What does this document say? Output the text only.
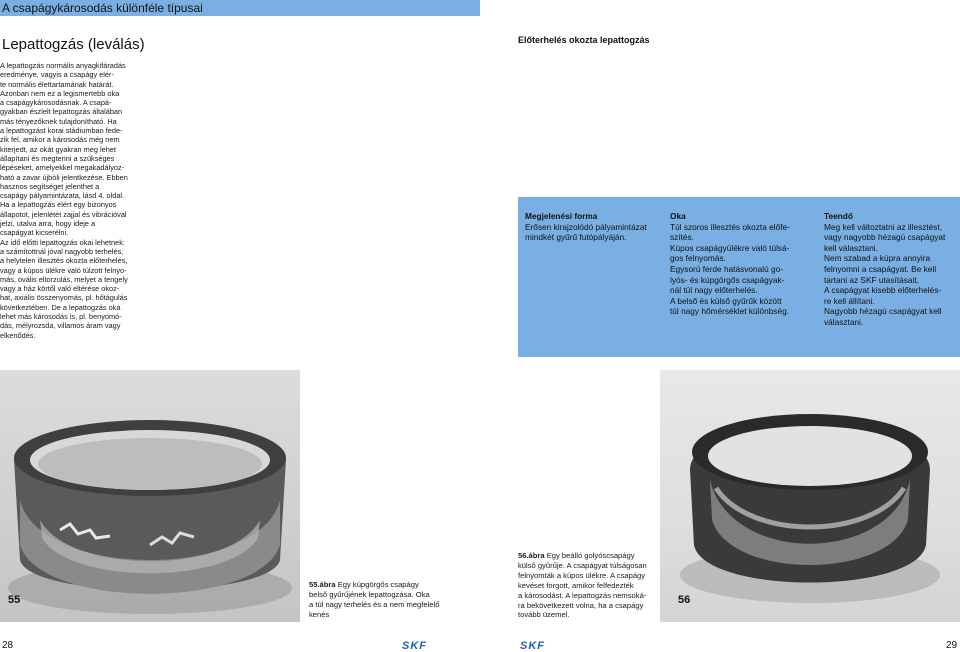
A csapágykárosodás különféle típusai
Lepattogzás (leválás)	Előterhelés okozta lepattogzás
A lepattogzás normális anyagkifáradás
eredménye, vagyis a csapágy elér-
te normális élettartamának határát.
Azonban nem ez a legismertebb oka
a csapágykárosodásnak. A csapá-
gyakban észlelt lepattogzás általában
más tényezőknek tulajdonítható. Ha
a lepattogzást korai stádiumban fede-
zik fel, amikor a károsodás még nem
kiterjedt, az okát gyakran meg lehet
állapítani és megtenni a szükséges
lépéseket, amelyekkel megakadályoz-
ható a zavar újbóli jelentkezése. Ebben
hasznos segítséget jelenthet a
csapágy pályamintázata, lásd 4. oldal.
Ha a lepattogzás elért egy bizonyos
állapotot, jelenlétét zajjal és vibrációval
jelzi, utalva arra, hogy ideje a
csapágyat kicserélni.
Az idő előtti lepattogzás okai lehetnek:
a számítottnál jóval nagyobb terhelés,
a helytelen illesztés okozta előterhelés,
vagy a kúpos ülékre való túlzott felnyo-
más, ovális eltorzulás, melyet a tengely
vagy a ház körtől való eltérése okoz-
hat, axiális összenyomás, pl. hőtágulás
következtében. De a lepattogzás oka
lehet más károsodás is, pl. benyomó-
dás, mélyrozsda, villamos áram vagy
elkenődés.
Megjelenési forma
Erősen kirajzolódó pályamintázat
mindkét gyűrű futópályáján.
Oka
Túl szoros illesztés okozta előfe-
szítés.
Kúpos csapágyülékre való túlsá-
gos felnyomás.
Egysorú ferde hatásvonalú go-
lyós- és kúpgörgős csapágyak-
nál túl nagy előterhelés.
A belső és külső gyűrűk között
túl nagy hőmérséklet különbség.
Teendő
Meg kell változtatni az illesztést,
vagy nagyobb hézagú csapágyat
kell választani.
Nem szabad a kúpra annyira
felnyomni a csapágyat. Be kell
tartani az SKF utasításait.
A csapágyat kisebb előterhelés-
re kell állítani.
Nagyobb hézagú csapágyat kell
választani.
55	56
55.ábra Egy kúpgörgős csapágy
belső gyűrűjének lepattogzása. Oka
a túl nagy terhelés és a nem megfelelő
kenés
56.ábra Egy beálló golyóscsapágy
külső gyűrűje. A csapágyat túlságosan
felnyomták a kúpos ülékre. A csapágy
kevéset forgott, amikor felfedezték
a károsodást. A lepattogzás nemsoká-
ra bekövetkezett volna, ha a csapágy
tovább üzemel.
28	SKF	SKF	29
